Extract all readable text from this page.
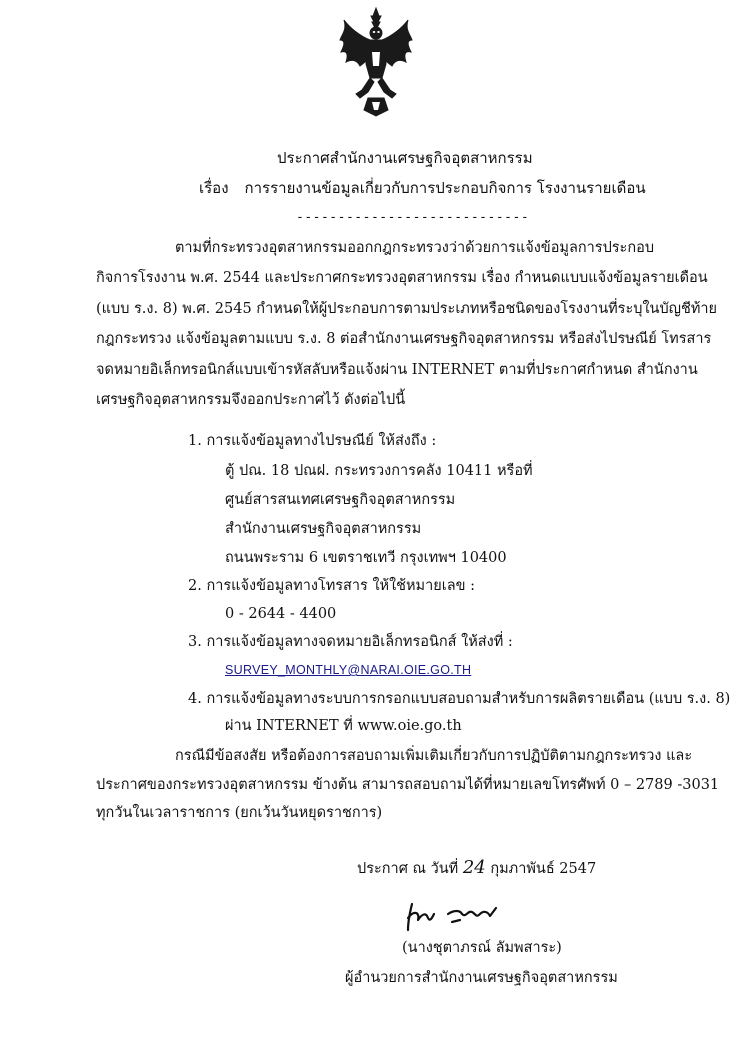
ประกาศสำนักงานเศรษฐกิจอุตสาหกรรม
เรื่อง การรายงานข้อมูลเกี่ยวกับการประกอบกิจการ โรงงานรายเดือน
----------------------------
ตามที่กระทรวงอุตสาหกรรมออกกฎกระทรวงว่าด้วยการแจ้งข้อมูลการประกอบ
กิจการโรงงาน พ.ศ. 2544 และประกาศกระทรวงอุตสาหกรรม เรื่อง กำหนดแบบแจ้งข้อมูลรายเดือน
(แบบ ร.ง. 8) พ.ศ. 2545 กำหนดให้ผู้ประกอบการตามประเภทหรือชนิดของโรงงานที่ระบุในบัญชีท้าย
กฎกระทรวง แจ้งข้อมูลตามแบบ ร.ง. 8 ต่อสำนักงานเศรษฐกิจอุตสาหกรรม หรือส่งไปรษณีย์ โทรสาร
จดหมายอิเล็กทรอนิกส์แบบเข้ารหัสลับหรือแจ้งผ่าน INTERNET ตามที่ประกาศกำหนด สำนักงาน
เศรษฐกิจอุตสาหกรรมจึงออกประกาศไว้ ดังต่อไปนี้
1. การแจ้งข้อมูลทางไปรษณีย์ ให้ส่งถึง :
ตู้ ปณ. 18 ปณฝ. กระทรวงการคลัง 10411 หรือที่
ศูนย์สารสนเทศเศรษฐกิจอุตสาหกรรม
สำนักงานเศรษฐกิจอุตสาหกรรม
ถนนพระราม 6 เขตราชเทวี กรุงเทพฯ 10400
2. การแจ้งข้อมูลทางโทรสาร ให้ใช้หมายเลข :
0 - 2644 - 4400
3. การแจ้งข้อมูลทางจดหมายอิเล็กทรอนิกส์ ให้ส่งที่ :
SURVEY_MONTHLY@NARAI.OIE.GO.TH
4. การแจ้งข้อมูลทางระบบการกรอกแบบสอบถามสำหรับการผลิตรายเดือน (แบบ ร.ง. 8)
ผ่าน INTERNET ที่ www.oie.go.th
กรณีมีข้อสงสัย หรือต้องการสอบถามเพิ่มเติมเกี่ยวกับการปฏิบัติตามกฎกระทรวง และ
ประกาศของกระทรวงอุตสาหกรรม ข้างต้น สามารถสอบถามได้ที่หมายเลขโทรศัพท์ 0 – 2789 -3031
ทุกวันในเวลาราชการ (ยกเว้นวันหยุดราชการ)
ประกาศ ณ วันที่ 24 กุมภาพันธ์ 2547
(นางชุตาภรณ์ ลัมพสาระ)
ผู้อำนวยการสำนักงานเศรษฐกิจอุตสาหกรรม
